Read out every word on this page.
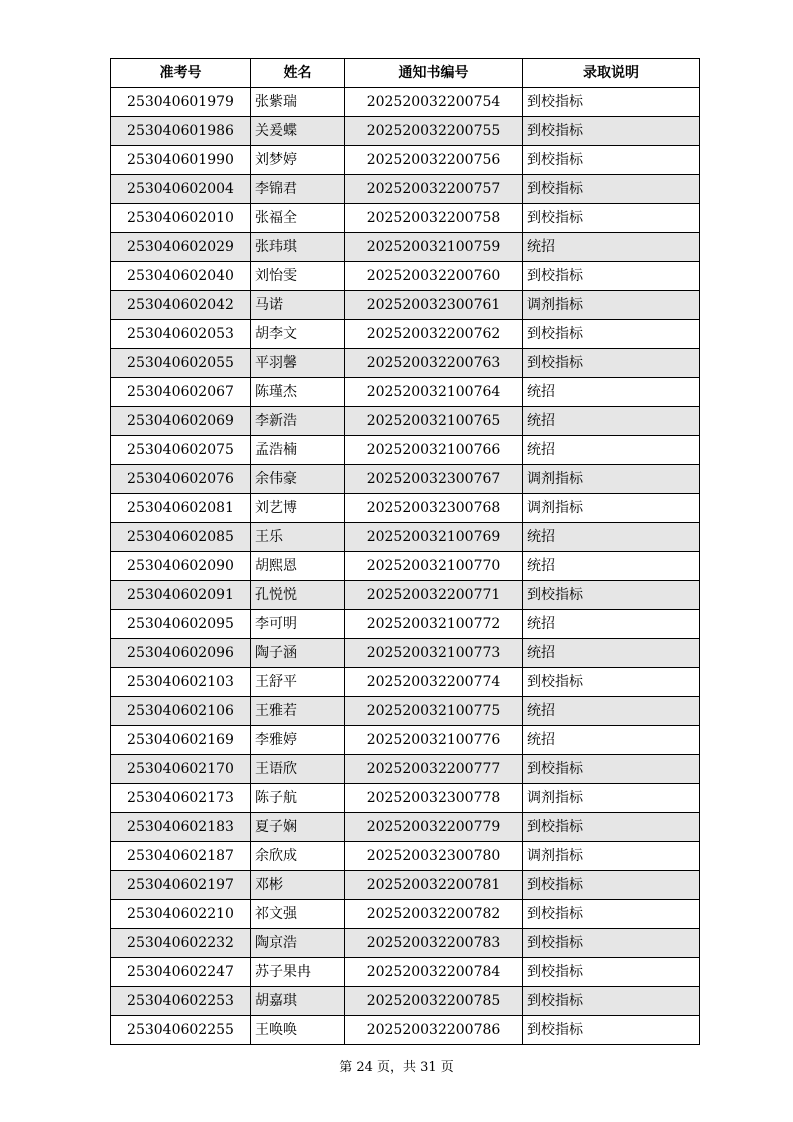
准考号	姓名	通知书编号	录取说明
253040601979	张紫瑞	202520032200754	到校指标
253040601986	关爰蝶	202520032200755	到校指标
253040601990	刘梦婷	202520032200756	到校指标
253040602004	李锦君	202520032200757	到校指标
253040602010	张福全	202520032200758	到校指标
253040602029	张玮琪	202520032100759	统招
253040602040	刘怡雯	202520032200760	到校指标
253040602042	马诺	202520032300761	调剂指标
253040602053	胡李文	202520032200762	到校指标
253040602055	平羽馨	202520032200763	到校指标
253040602067	陈瑾杰	202520032100764	统招
253040602069	李新浩	202520032100765	统招
253040602075	孟浩楠	202520032100766	统招
253040602076	余伟豪	202520032300767	调剂指标
253040602081	刘艺博	202520032300768	调剂指标
253040602085	王乐	202520032100769	统招
253040602090	胡熙恩	202520032100770	统招
253040602091	孔悦悦	202520032200771	到校指标
253040602095	李可明	202520032100772	统招
253040602096	陶子涵	202520032100773	统招
253040602103	王舒平	202520032200774	到校指标
253040602106	王雅若	202520032100775	统招
253040602169	李雅婷	202520032100776	统招
253040602170	王语欣	202520032200777	到校指标
253040602173	陈子航	202520032300778	调剂指标
253040602183	夏子娴	202520032200779	到校指标
253040602187	余欣成	202520032300780	调剂指标
253040602197	邓彬	202520032200781	到校指标
253040602210	祁文强	202520032200782	到校指标
253040602232	陶京浩	202520032200783	到校指标
253040602247	苏子果冉	202520032200784	到校指标
253040602253	胡嘉琪	202520032200785	到校指标
253040602255	王唤唤	202520032200786	到校指标
第 24 页，共 31 页
